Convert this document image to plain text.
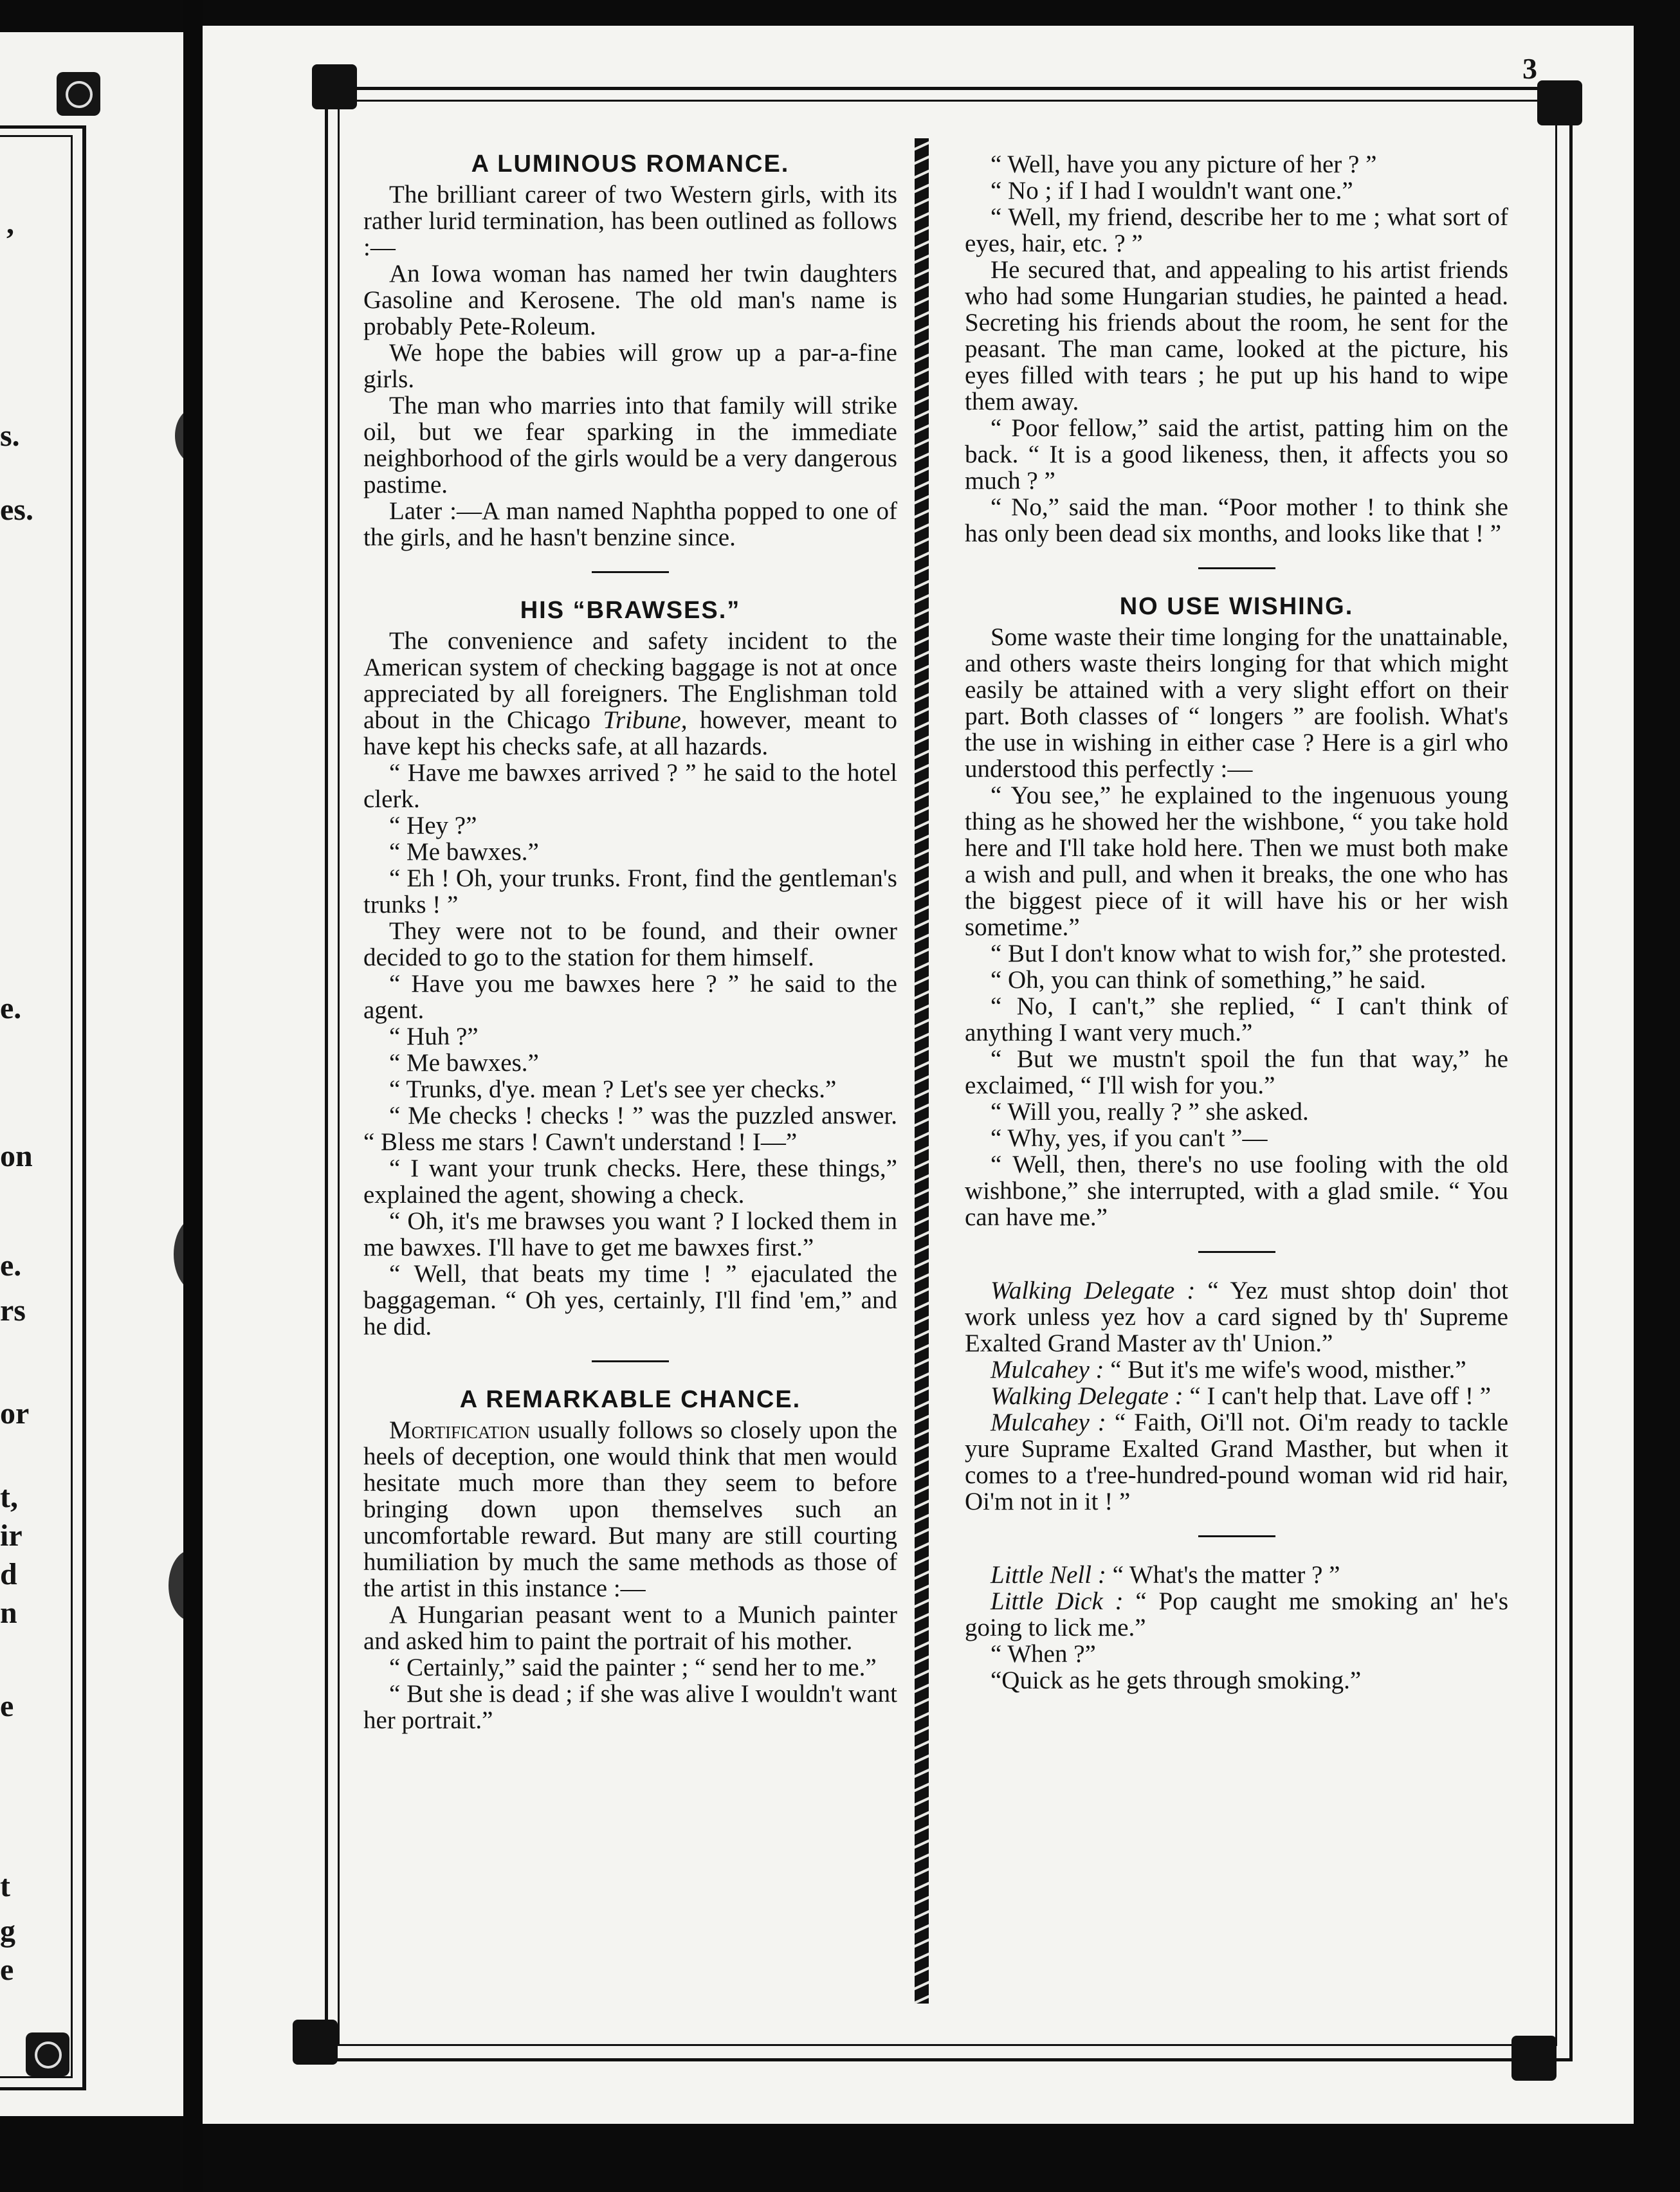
,
s.
es.
e.
on
e.
rs
or
t,
ir
d
n
e
t
g
e
3
A LUMINOUS ROMANCE.

The brilliant career of two Western girls, with its rather lurid termination, has been outlined as follows :—

An Iowa woman has named her twin daughters Gasoline and Kerosene. The old man's name is probably Pete-Roleum.

We hope the babies will grow up a par-a-fine girls.

The man who marries into that family will strike oil, but we fear sparking in the immediate neighborhood of the girls would be a very dangerous pastime.

Later :—A man named Naphtha popped to one of the girls, and he hasn't benzine since.

HIS “BRAWSES.”

The convenience and safety incident to the American system of checking baggage is not at once appreciated by all foreigners. The Englishman told about in the Chicago Tribune, however, meant to have kept his checks safe, at all hazards.

“ Have me bawxes arrived ? ” he said to the hotel clerk.

“ Hey ?”

“ Me bawxes.”

“ Eh ! Oh, your trunks. Front, find the gentleman's trunks ! ”

They were not to be found, and their owner decided to go to the station for them himself.

“ Have you me bawxes here ? ” he said to the agent.

“ Huh ?”

“ Me bawxes.”

“ Trunks, d'ye. mean ? Let's see yer checks.”

“ Me checks ! checks ! ” was the puzzled answer. “ Bless me stars ! Cawn't understand ! I—”

“ I want your trunk checks. Here, these things,” explained the agent, showing a check.

“ Oh, it's me brawses you want ? I locked them in me bawxes. I'll have to get me bawxes first.”

“ Well, that beats my time ! ” ejaculated the baggageman. “ Oh yes, certainly, I'll find 'em,” and he did.

A REMARKABLE CHANCE.

Mortification usually follows so closely upon the heels of deception, one would think that men would hesitate much more than they seem to before bringing down upon themselves such an uncomfortable reward. But many are still courting humiliation by much the same methods as those of the artist in this instance :—

A Hungarian peasant went to a Munich painter and asked him to paint the portrait of his mother.

“ Certainly,” said the painter ; “ send her to me.”

“ But she is dead ; if she was alive I wouldn't want her portrait.”

“ Well, have you any picture of her ? ”

“ No ; if I had I wouldn't want one.”

“ Well, my friend, describe her to me ; what sort of eyes, hair, etc. ? ”

He secured that, and appealing to his artist friends who had some Hungarian studies, he painted a head. Secreting his friends about the room, he sent for the peasant. The man came, looked at the picture, his eyes filled with tears ; he put up his hand to wipe them away.

“ Poor fellow,” said the artist, patting him on the back. “ It is a good likeness, then, it affects you so much ? ”

“ No,” said the man. “Poor mother ! to think she has only been dead six months, and looks like that ! ”

NO USE WISHING.

Some waste their time longing for the unattainable, and others waste theirs longing for that which might easily be attained with a very slight effort on their part. Both classes of “ longers ” are foolish. What's the use in wishing in either case ? Here is a girl who understood this perfectly :—

“ You see,” he explained to the ingenuous young thing as he showed her the wishbone, “ you take hold here and I'll take hold here. Then we must both make a wish and pull, and when it breaks, the one who has the biggest piece of it will have his or her wish sometime.”

“ But I don't know what to wish for,” she protested.

“ Oh, you can think of something,” he said.

“ No, I can't,” she replied, “ I can't think of anything I want very much.”

“ But we mustn't spoil the fun that way,” he exclaimed, “ I'll wish for you.”

“ Will you, really ? ” she asked.

“ Why, yes, if you can't ”—

“ Well, then, there's no use fooling with the old wishbone,” she interrupted, with a glad smile. “ You can have me.”

Walking Delegate : “ Yez must shtop doin' thot work unless yez hov a card signed by th' Supreme Exalted Grand Master av th' Union.”

Mulcahey : “ But it's me wife's wood, misther.”

Walking Delegate : “ I can't help that. Lave off ! ”

Mulcahey : “ Faith, Oi'll not. Oi'm ready to tackle yure Suprame Exalted Grand Masther, but when it comes to a t'ree-hundred-pound woman wid rid hair, Oi'm not in it ! ”

Little Nell : “ What's the matter ? ”

Little Dick : “ Pop caught me smoking an' he's going to lick me.”

“ When ?”

“Quick as he gets through smoking.”
